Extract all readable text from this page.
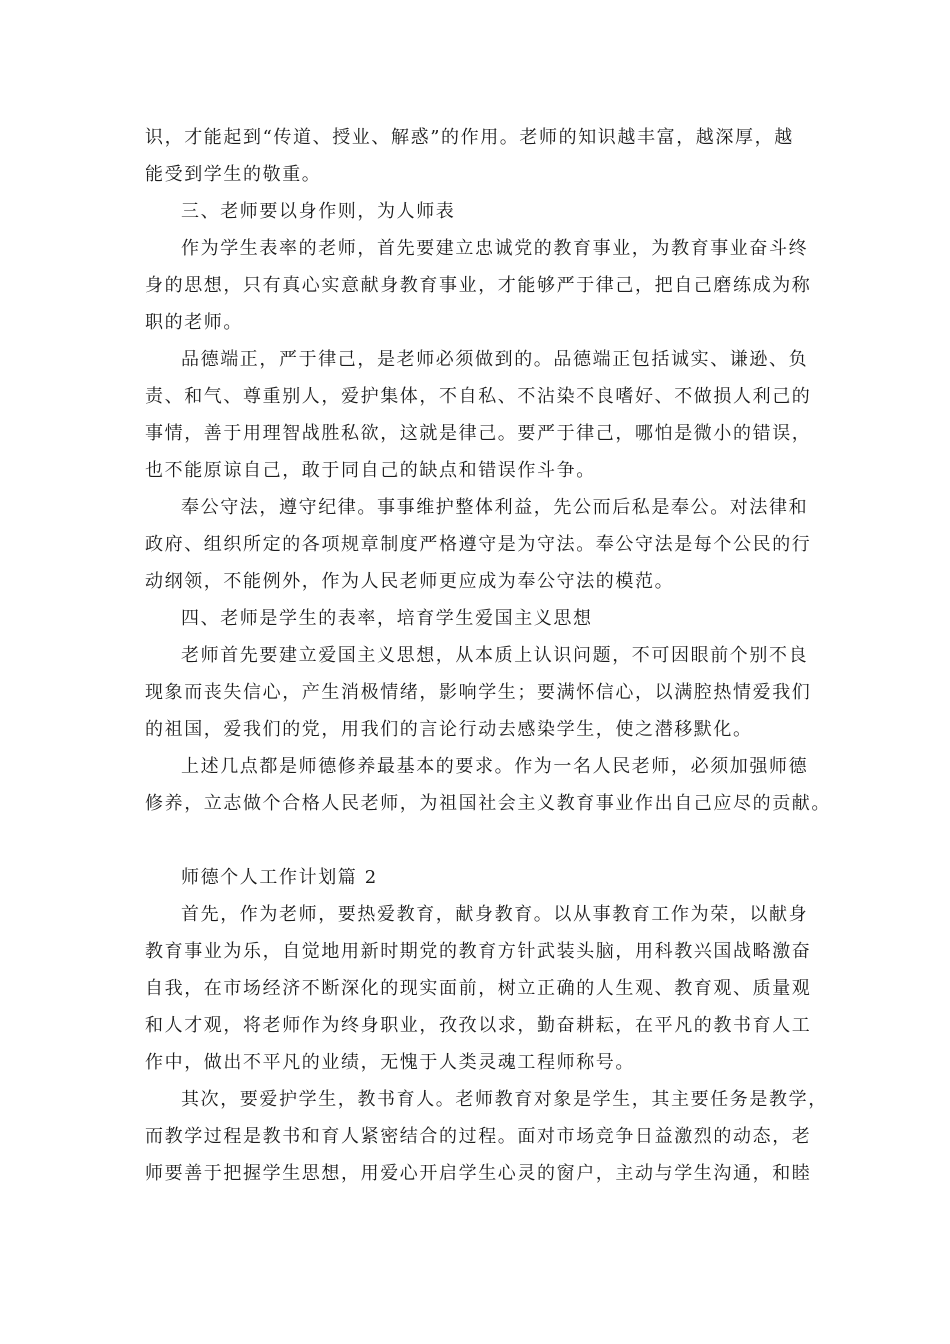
识，才能起到“传道、授业、解惑”的作用。老师的知识越丰富，越深厚，越
能受到学生的敬重。
三、老师要以身作则，为人师表
作为学生表率的老师，首先要建立忠诚党的教育事业，为教育事业奋斗终
身的思想，只有真心实意献身教育事业，才能够严于律己，把自己磨练成为称
职的老师。
品德端正，严于律己，是老师必须做到的。品德端正包括诚实、谦逊、负
责、和气、尊重别人，爱护集体，不自私、不沾染不良嗜好、不做损人利己的
事情，善于用理智战胜私欲，这就是律己。要严于律己，哪怕是微小的错误，
也不能原谅自己，敢于同自己的缺点和错误作斗争。
奉公守法，遵守纪律。事事维护整体利益，先公而后私是奉公。对法律和
政府、组织所定的各项规章制度严格遵守是为守法。奉公守法是每个公民的行
动纲领，不能例外，作为人民老师更应成为奉公守法的模范。
四、老师是学生的表率，培育学生爱国主义思想
老师首先要建立爱国主义思想，从本质上认识问题，不可因眼前个别不良
现象而丧失信心，产生消极情绪，影响学生；要满怀信心，以满腔热情爱我们
的祖国，爱我们的党，用我们的言论行动去感染学生，使之潜移默化。
上述几点都是师德修养最基本的要求。作为一名人民老师，必须加强师德
修养，立志做个合格人民老师，为祖国社会主义教育事业作出自己应尽的贡献。
师德个人工作计划篇 2
首先，作为老师，要热爱教育，献身教育。以从事教育工作为荣，以献身
教育事业为乐，自觉地用新时期党的教育方针武装头脑，用科教兴国战略激奋
自我，在市场经济不断深化的现实面前，树立正确的人生观、教育观、质量观
和人才观，将老师作为终身职业，孜孜以求，勤奋耕耘，在平凡的教书育人工
作中，做出不平凡的业绩，无愧于人类灵魂工程师称号。
其次，要爱护学生，教书育人。老师教育对象是学生，其主要任务是教学，
而教学过程是教书和育人紧密结合的过程。面对市场竞争日益激烈的动态，老
师要善于把握学生思想，用爱心开启学生心灵的窗户，主动与学生沟通，和睦
